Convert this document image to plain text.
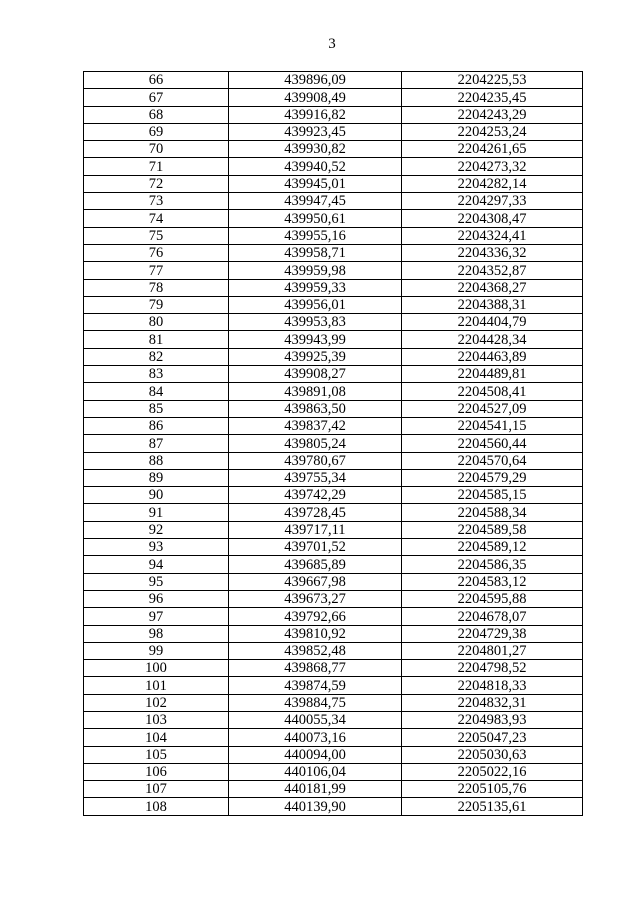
3
66	439896,09	2204225,53
67	439908,49	2204235,45
68	439916,82	2204243,29
69	439923,45	2204253,24
70	439930,82	2204261,65
71	439940,52	2204273,32
72	439945,01	2204282,14
73	439947,45	2204297,33
74	439950,61	2204308,47
75	439955,16	2204324,41
76	439958,71	2204336,32
77	439959,98	2204352,87
78	439959,33	2204368,27
79	439956,01	2204388,31
80	439953,83	2204404,79
81	439943,99	2204428,34
82	439925,39	2204463,89
83	439908,27	2204489,81
84	439891,08	2204508,41
85	439863,50	2204527,09
86	439837,42	2204541,15
87	439805,24	2204560,44
88	439780,67	2204570,64
89	439755,34	2204579,29
90	439742,29	2204585,15
91	439728,45	2204588,34
92	439717,11	2204589,58
93	439701,52	2204589,12
94	439685,89	2204586,35
95	439667,98	2204583,12
96	439673,27	2204595,88
97	439792,66	2204678,07
98	439810,92	2204729,38
99	439852,48	2204801,27
100	439868,77	2204798,52
101	439874,59	2204818,33
102	439884,75	2204832,31
103	440055,34	2204983,93
104	440073,16	2205047,23
105	440094,00	2205030,63
106	440106,04	2205022,16
107	440181,99	2205105,76
108	440139,90	2205135,61
